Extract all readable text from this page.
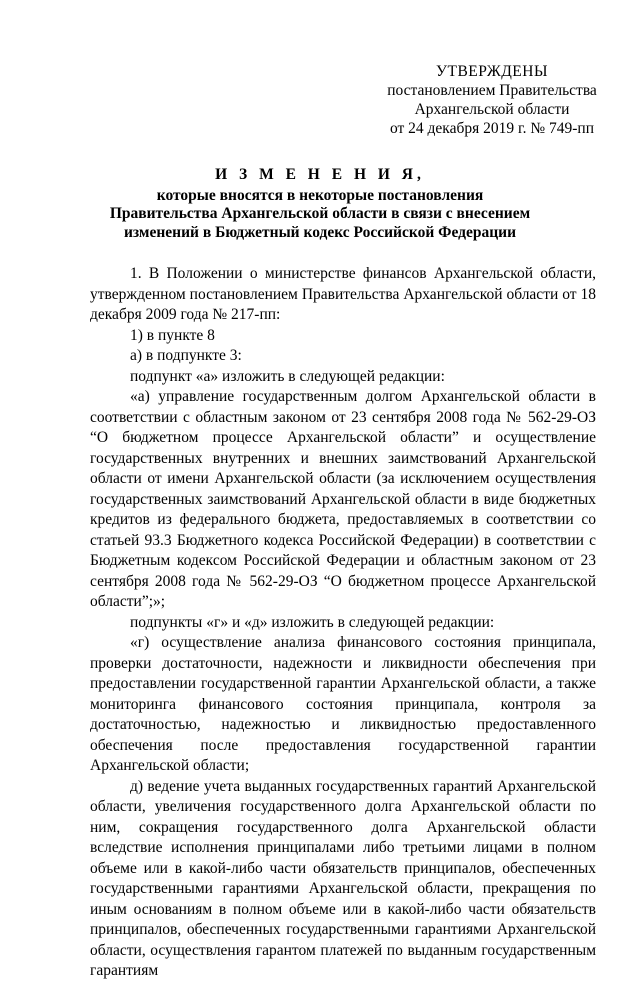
УТВЕРЖДЕНЫ
постановлением Правительства
Архангельской области
от 24 декабря 2019 г. № 749-пп
И З М Е Н Е Н И Я,
которые вносятся в некоторые постановления
Правительства Архангельской области в связи с внесением
изменений в Бюджетный кодекс Российской Федерации

1. В Положении о министерстве финансов Архангельской области, утвержденном постановлением Правительства Архангельской области от 18 декабря 2009 года № 217-пп:

1) в пункте 8

а) в подпункте 3:

подпункт «а» изложить в следующей редакции:

«а) управление государственным долгом Архангельской области в соответствии с областным законом от 23 сентября 2008 года № 562-29-ОЗ “О бюджетном процессе Архангельской области” и осуществление государственных внутренних и внешних заимствований Архангельской области от имени Архангельской области (за исключением осуществления государственных заимствований Архангельской области в виде бюджетных кредитов из федерального бюджета, предоставляемых в соответствии со статьей 93.3 Бюджетного кодекса Российской Федерации) в соответствии с Бюджетным кодексом Российской Федерации и областным законом от 23 сентября 2008 года № 562-29-ОЗ “О бюджетном процессе Архангельской области”;»;

подпункты «г» и «д» изложить в следующей редакции:

«г) осуществление анализа финансового состояния принципала, проверки достаточности, надежности и ликвидности обеспечения при предоставлении государственной гарантии Архангельской области, а также мониторинга финансового состояния принципала, контроля за достаточностью, надежностью и ликвидностью предоставленного обеспечения после предоставления государственной гарантии Архангельской области;

д) ведение учета выданных государственных гарантий Архангельской области, увеличения государственного долга Архангельской области по ним, сокращения государственного долга Архангельской области вследствие исполнения принципалами либо третьими лицами в полном объеме или в какой-либо части обязательств принципалов, обеспеченных государственными гарантиями Архангельской области, прекращения по иным основаниям в полном объеме или в какой-либо части обязательств принципалов, обеспеченных государственными гарантиями Архангельской области, осуществления гарантом платежей по выданным государственным гарантиям
